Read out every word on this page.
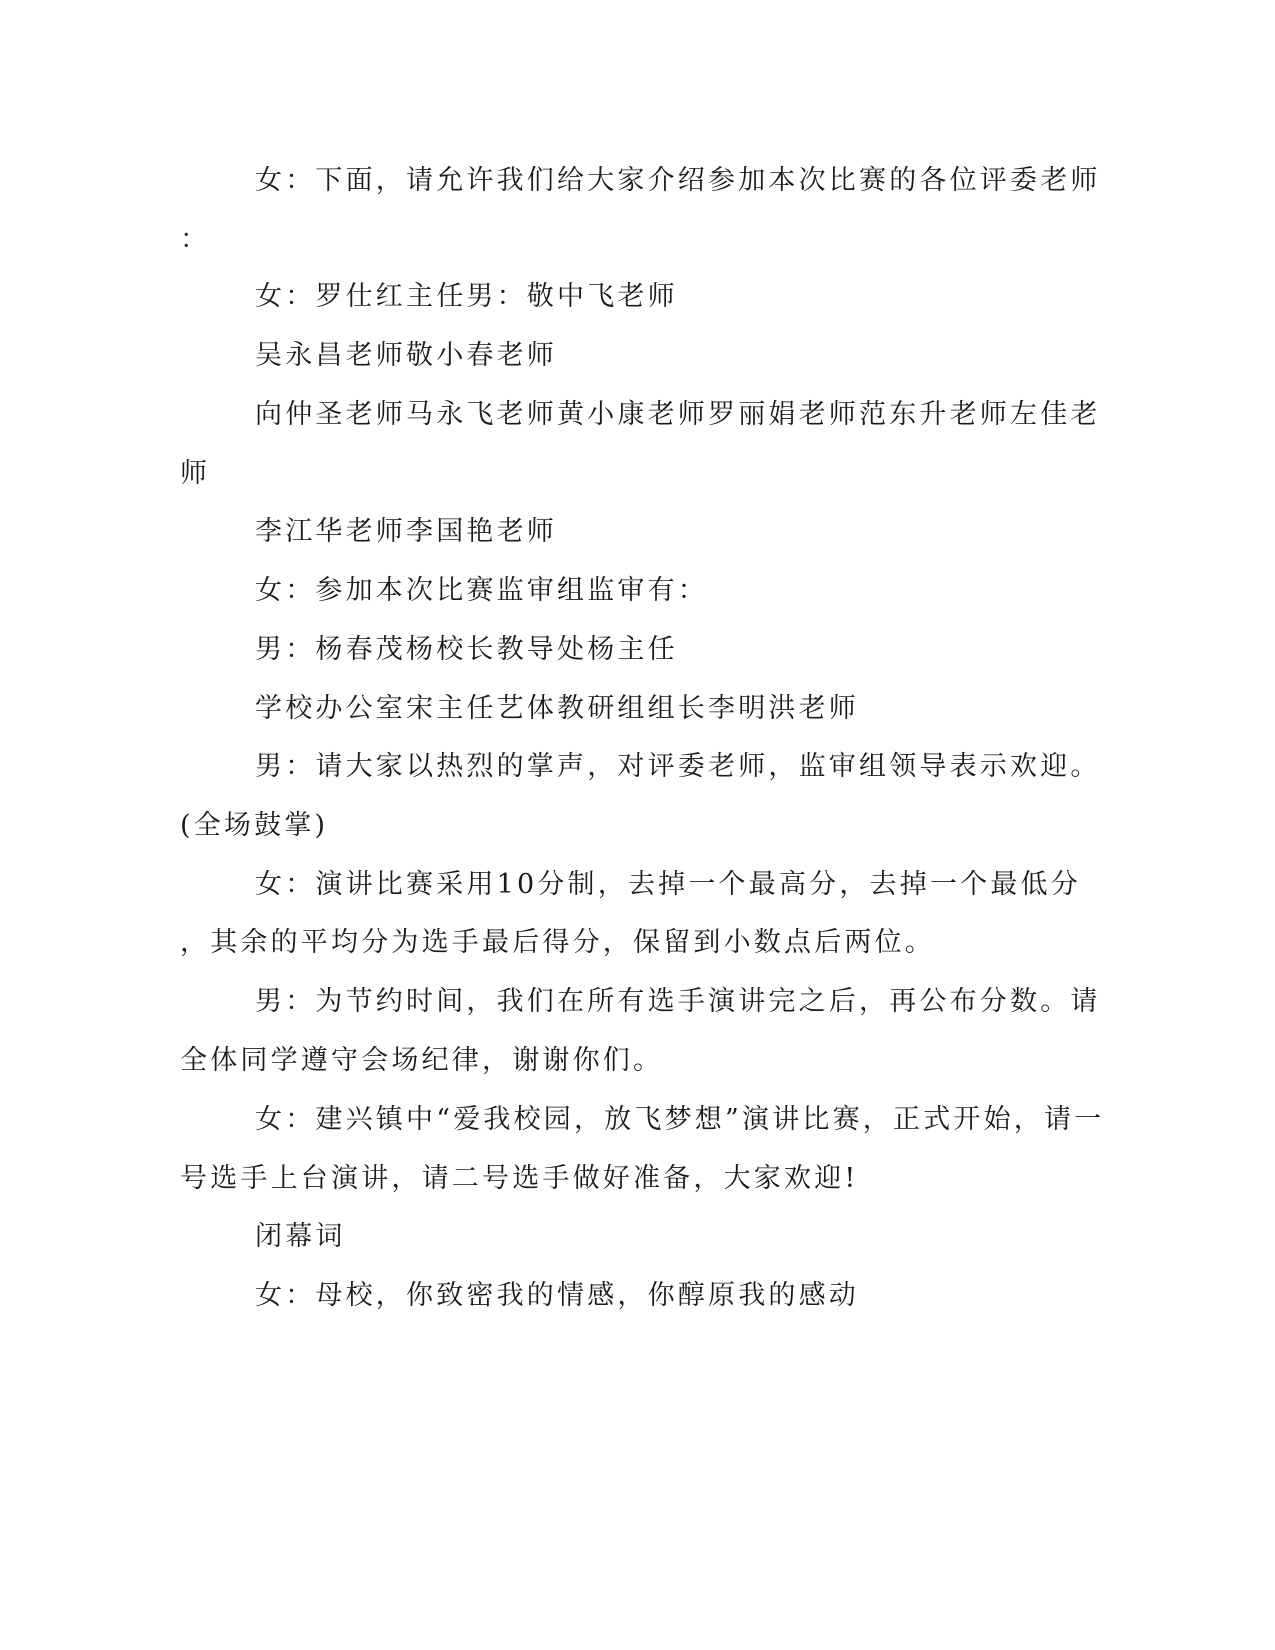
女：下面，请允许我们给大家介绍参加本次比赛的各位评委老师
：
女：罗仕红主任男：敬中飞老师
吴永昌老师敬小春老师
向仲圣老师马永飞老师黄小康老师罗丽娟老师范东升老师左佳老
师
李江华老师李国艳老师
女：参加本次比赛监审组监审有：
男：杨春茂杨校长教导处杨主任
学校办公室宋主任艺体教研组组长李明洪老师
男：请大家以热烈的掌声，对评委老师，监审组领导表示欢迎。
(全场鼓掌)
女：演讲比赛采用10分制，去掉一个最高分，去掉一个最低分
，其余的平均分为选手最后得分，保留到小数点后两位。
男：为节约时间，我们在所有选手演讲完之后，再公布分数。请
全体同学遵守会场纪律，谢谢你们。
女：建兴镇中“爱我校园，放飞梦想”演讲比赛，正式开始，请一
号选手上台演讲，请二号选手做好准备，大家欢迎!
闭幕词
女：母校，你致密我的情感，你醇原我的感动
